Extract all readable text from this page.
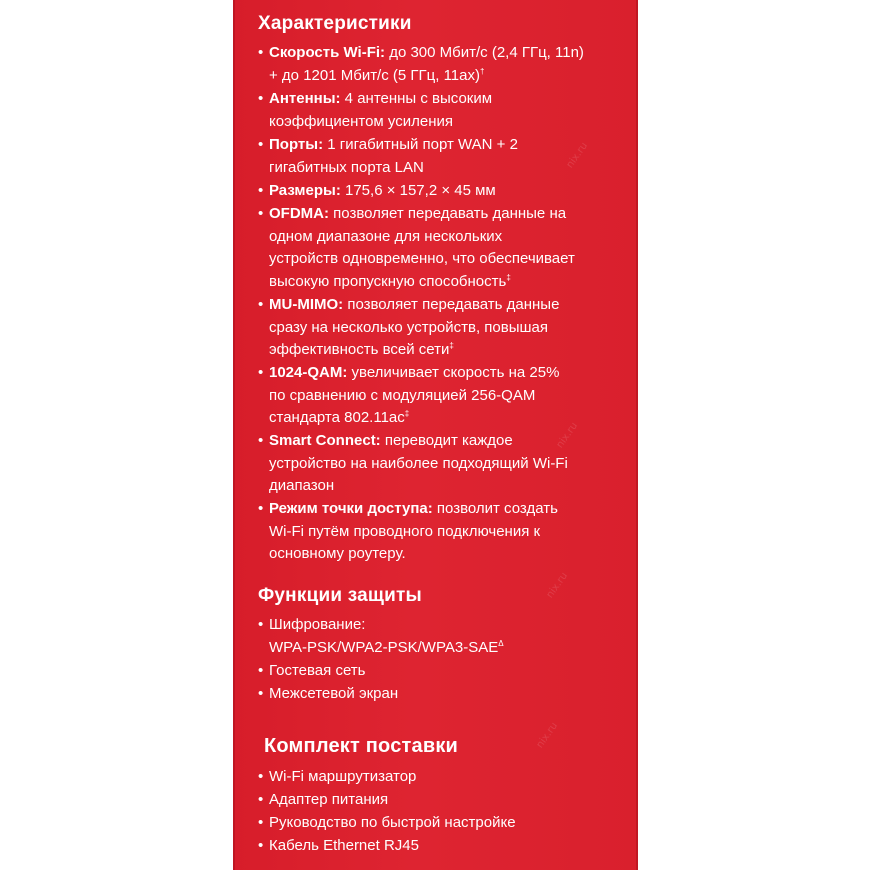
nix.ru
nix.ru
nix.ru
nix.ru
Характеристики
• Скорость Wi-Fi: до 300 Мбит/с (2,4 ГГц, 11n)
+ до 1201 Мбит/с (5 ГГц, 11ax)†
• Антенны: 4 антенны с высоким
коэффициентом усиления
• Порты: 1 гигабитный порт WAN + 2
гигабитных порта LAN
• Размеры: 175,6 × 157,2 × 45 мм
• OFDMA: позволяет передавать данные на
одном диапазоне для нескольких
устройств одновременно, что обеспечивает
высокую пропускную способность‡
• MU-MIMO: позволяет передавать данные
сразу на несколько устройств, повышая
эффективность всей сети‡
• 1024-QAM: увеличивает скорость на 25%
по сравнению с модуляцией 256-QAM
стандарта 802.11ac‡
• Smart Connect: переводит каждое
устройство на наиболее подходящий Wi-Fi
диапазон
• Режим точки доступа: позволит создать
Wi-Fi путём проводного подключения к
основному роутеру.
Функции защиты
• Шифрование:
WPA-$PSK/WPA2-PSK/WPA3-SAE^\Delta$
• Гостевая сеть
• Межсетевой экран
Комплект поставки
• Wi-Fi маршрутизатор
• Адаптер питания
• Руководство по быстрой настройке
• Кабель Ethernet RJ45
